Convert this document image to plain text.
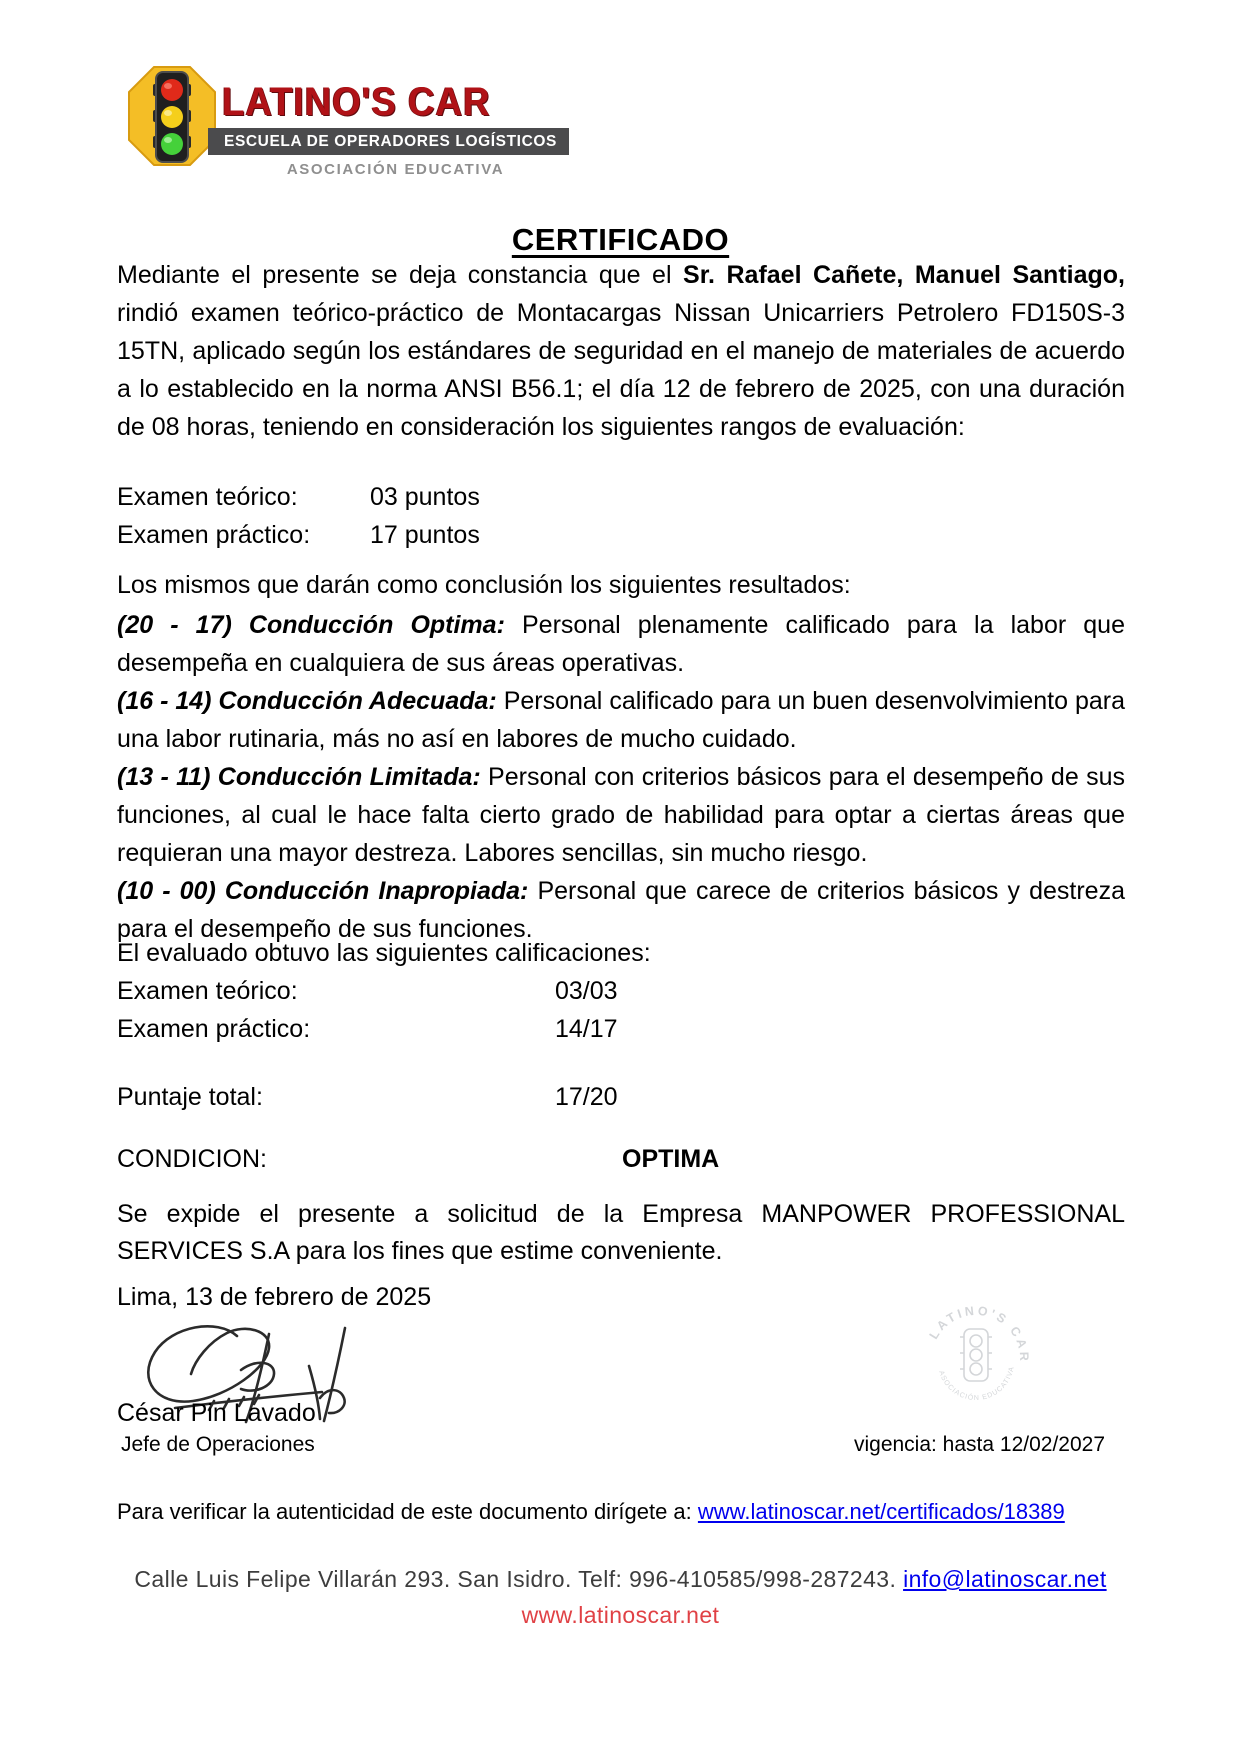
LATINO'S CAR
ESCUELA DE OPERADORES LOGÍSTICOS
ASOCIACIÓN EDUCATIVA
CERTIFICADO

Mediante el presente se deja constancia que el Sr. Rafael Cañete, Manuel Santiago, rindió examen teórico-práctico de Montacargas Nissan Unicarriers Petrolero FD150S-3 15TN, aplicado según los estándares de seguridad en el manejo de materiales de acuerdo a lo establecido en la norma ANSI B56.1; el día 12 de febrero de 2025, con una duración de 08 horas, teniendo en consideración los siguientes rangos de evaluación:

Examen teórico:	03 puntos
Examen práctico:	17 puntos
Los mismos que darán como conclusión los siguientes resultados:

(20 - 17) Conducción Optima: Personal plenamente calificado para la labor que desempeña en cualquiera de sus áreas operativas.

(16 - 14) Conducción Adecuada: Personal calificado para un buen desenvolvimiento para una labor rutinaria, más no así en labores de mucho cuidado.

(13 - 11) Conducción Limitada: Personal con criterios básicos para el desempeño de sus funciones, al cual le hace falta cierto grado de habilidad para optar a ciertas áreas que requieran una mayor destreza. Labores sencillas, sin mucho riesgo.

(10 - 00) Conducción Inapropiada: Personal que carece de criterios básicos y destreza para el desempeño de sus funciones.

El evaluado obtuvo las siguientes calificaciones:
Examen teórico:	03/03
Examen práctico:	14/17
Puntaje total:	17/20
CONDICION:	OPTIMA

Se expide el presente a solicitud de la Empresa MANPOWER PROFESSIONAL SERVICES S.A para los fines que estime conveniente.

Lima, 13 de febrero de 2025
César Pin Lavado
Jefe de Operaciones
LATINO'S CAR
ASOCIACIÓN EDUCATIVA
vigencia: hasta 12/02/2027
Para verificar la autenticidad de este documento dirígete a: www.latinoscar.net/certificados/18389
Calle Luis Felipe Villarán 293. San Isidro. Telf: 996-410585/998-287243. info@latinoscar.net
www.latinoscar.net
